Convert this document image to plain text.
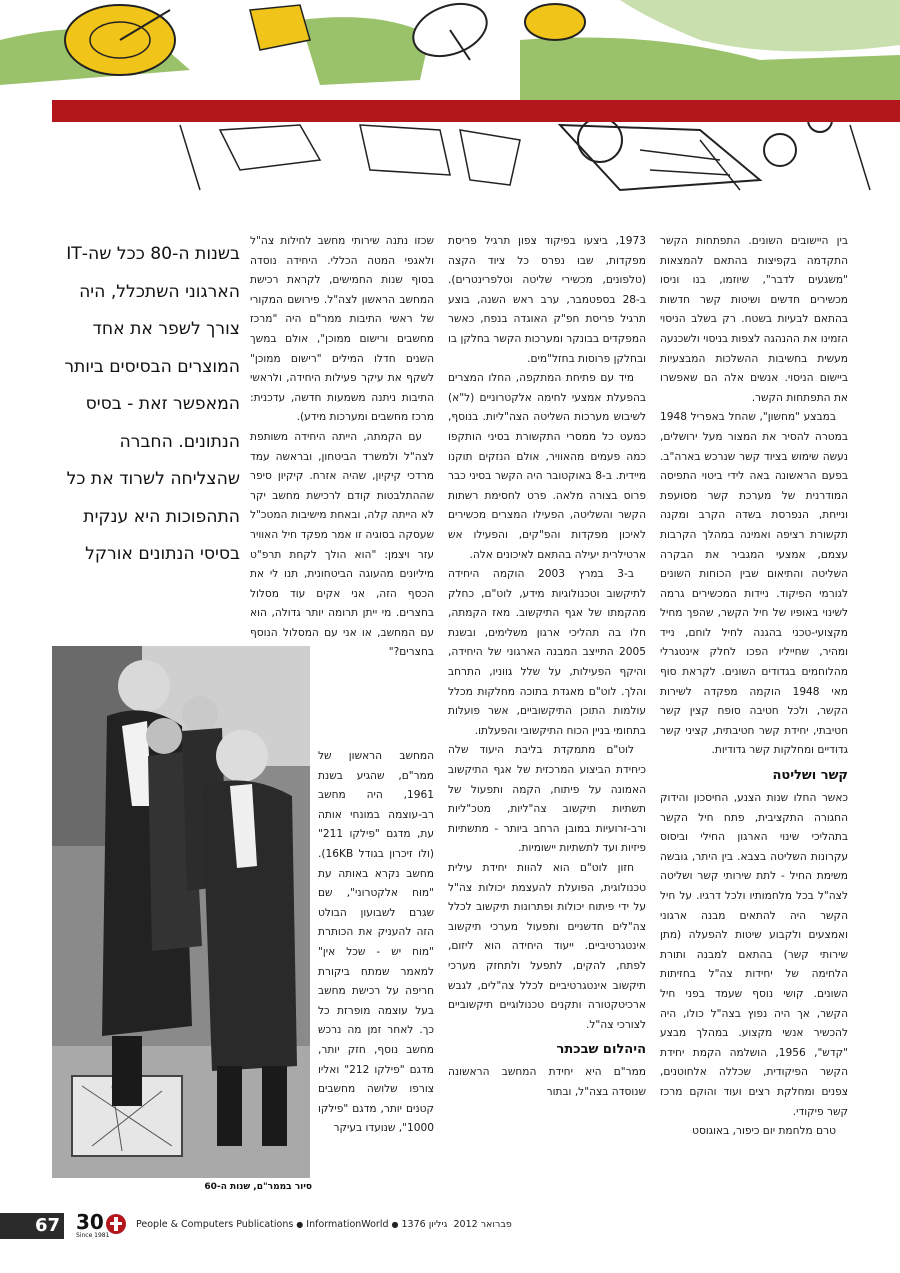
בין היישובים השונים. התפתחות הקשר התקדמה בקפיצות בהתאם להמצאות "משגעים לדבר", שיוזמו, בנו וניסו מכשירים חדשים ושיטות קשר חדשות בהתאם לבעיות בשטח. רק בשלב הניסוי הזמינו את ההנהגה לצפות בניסוי ולשכנעה מעשית בחשיבות ההשלכות המבצעיות ביישום הניסוי. אנשים אלה הם שאפשרו את התפתחות הקשר.

במבצע "מחשון", שהחל באפריל 1948 במטרה להסיר את המצור מעל ירושלים, נעשה שימוש בציוד קשר שנרכש בארה"ב. בפעם הראשונה באה לידי ביטוי התפיסה המודרנית של מערכת קשר מסועפת ונייחת, הנפרסת בשדה הקרב ומקנה תקשורת רציפה ואמינה במהלך הקרבות עצמם, אמצעי המגביר את הבקרה השליטה והתיאום שבין הכוחות השונים לגורמי הפיקוד. ניידות המכשירים גרמה לשינוי באופיו של חיל הקשר, שהפך מחיל מקצועי-טכני בהגנה לחיל לוחם, נייד ומהיר, שחייליו הפכו לחלק אינטגרלי מהלוחמים בגדודים השונים. לקראת סוף מאי 1948 הוקמה מפקדה לשירות הקשר, ולכל חטיבה סופח קצין קשר חטיבתי, יחידת קשר חטיבתית, קציני קשר גדודיים ומחלקות קשר גדודיות.

קשר ושליטה

כאשר החלו שנות הצנע, החיסכון והידוק החגורה התקציבית, פתח חיל הקשר בתהליכי שינוי הארגון החילי וביסוס עקרונות השליטה בצבא. בין היתר, גובשה משימת החיל - לתת שירותי קשר ושליטה לצה"ל בכל מלחמותיו ולכל דרגיו. על חיל הקשר היה להתאים מבנה ארגוני ואמצעים ולקבוע שיטות להפעלה (מתן שירותי קשר) בהתאם למבנה ותורת הלחימה של יחידות צה"ל בחזיתות השונים. קושי נוסף שעמד בפני חיל הקשר, אך היה נפוץ בצה"ל כולו, היה להכשיר אנשי מקצוע. במהלך מבצע "קדש", 1956, הושלמה הקמת יחידת הקשר הפיקודית, שכללה אלחוטנים, צפנים ומחלקת רצים ועוד והוקם מרכז קשר פיקודי.

טרם מלחמת יום כיפור, באוגוסט

1973, ביצעו בפיקוד צפון תרגיל פריסת מפקדות, שבו נפרס כל ציוד הקצה (טלפונים, מכשירי שליטה וטלפרינטרים). ב-28 בספטמבר, ערב ראש השנה, בוצע תרגיל פריסת חפ"ק האוגדה בנפח, כאשר המפקדים בבונקר ומערכות הקשר בחלקן בו ובחלקן פרוסות בחזל"מים.

מיד עם פתיחת המתקפה, החלו המצרים בהפעלת אמצעי לחימה אלקטרוניים (ל"א) לשיבוש מערכות השליטה הצה"ליות. בנוסף, כמעט כל ממסרי התקשורת בסיני הותקפו כמה פעמים מהאוויר, אולם הנזקים תוקנו מיידית. ב-8 באוקטובר היה הקשר בסיני כבר פרוס בצורה מלאה. פרט לחסימת רשתות הקשר והשליטה, הפעילו המצרים מכשירים לאיכון מפקדות והפ"קים, והפעילו אש ארטילרית יעילה בהתאם לאיכונים אלה.

ב-3 במרץ 2003 הוקמה היחידה לתיקשוב וטכנולוגיות מידע, לוט"ם, כחלק מהקמתו של אגף התיקשוב. מאז הקמתה, חלו בה תהליכי ארגון משלימים, ובשנת 2005 התייצב המבנה הארגוני של היחידה, והיקף הפעילות, על שלל גווניו, התרחב והלך. לוט"ם מאגדת בתוכה מחלקות מכלל עולמות התוכן התיקשוביים, אשר פועלות בתחומי בניין הכוח התיקשובי והפעלתו.

לוט"ם מתמקדת בליבת היעוד שלה כיחידת הביצוע המרכזית של אגף התיקשוב האמונה על פיתוח, הקמה ותפעול של תשתיות תיקשוב צה"ליות, מטכ"ליות ורב-זרועיות במובן הרחב ביותר - מתשתיות פיזיות ועד לתשתיות יישומיות.

חזון לוט"ם הוא להוות יחידת עילית טכנולוגית, הפועלת להעצמת יכולות צה"ל על ידי פיתוח יכולות ופתרונות תיקשוב לכלל צה"לים חדשניים ותפעול מערכי תיקשוב אינטגרטיביים. ייעוד היחידה הוא ליזום, לפתח, להקים, לתפעל ולתחזק מערכי תיקשוב אינטגרטיביים לכלל צה"לים, לגבש ארכיטקטורה ותקנים טכנולוגיים תיקשוביים לצורכי צה"ל.

היהלום שבכתר

ממר"ם היא יחידת המחשב הראשונה שנוסדה בצה"ל, ובתור

שכזו נתנה שירותי מחשב לחילות צה"ל ולאגפי המטה הכללי. היחידה נוסדה בסוף שנות החמישים, לקראת רכישת המחשב הראשון לצה"ל. פירושם המקורי של ראשי התיבות ממר"ם היה "מרכז מחשבים ורישום ממוכן", אולם במשך השנים חדלו המילים "רישום ממוכן" לשקף את עיקר פעילות היחידה, ולראשי התיבות ניתנה משמעות חדשה, עדכנית: מרכז מחשבים ומערכות מידע).

עם הקמתה, הייתה היחידה משותפת לצה"ל ולמשרד הביטחון, ובראשה עמד מרדכי קיקיון, שהיה אזרח. קיקיון סיפר שההתלבטות קודם לרכישת מחשב יקר לא הייתה קלה, ובאחת מישיבות המטכ"ל שעסקה בסוגיה זו אמר מפקד חיל האוויר עזר ויצמן: "הוא הולך לקחת תרפ"ט מיליונים מהעוגה הביטחונית, תנו לי את הכסף הזה, אני אקים עוד מסלול בחצרים. מי ייתן תרומה יותר גדולה, הוא עם המחשב, או אני עם המסלול הנוסף בחצרים?"

המחשב הראשון של ממר"ם, שהגיע בשנת 1961, היה מחשב רב-עוצמה במונחי אותה עת, מדגם "פילקו 211" (ולו זיכרון בגודל 16KB). מחשב נקרא באותה עת "מוח אלקטרוני", שם שגרם לשבועון הבולט הזה להעניק את הכותרת "מוח יש - שכל אין" למאמר שמתח ביקורת חריפה על רכישת מחשב בעל עוצמה מופרזת כל כך. לאחר זמן מה נרכש מחשב נוסף, חזק יותר, מדגם "פילקו 212" ואליו צורפו שלושה מחשבים קטנים יותר, מדגם "פילקו 1000", שנועדו בעיקר

בשנות ה-80 ככל שה-IT הארגוני השתכלל, היה צורך לשפר את אחד המוצרים הבסיסים ביותר המאפשר זאת - בסיס הנתונים. החברה שהצליחה לשרוד את כל התהפוכות היא ענקית בסיסי הנתונים אורקל
סיור בממר"ם, שנות ה-60
67 30
Since 1981
People & Computers Publications ● InformationWorld ●	פברואר 2012  גיליון 1376
